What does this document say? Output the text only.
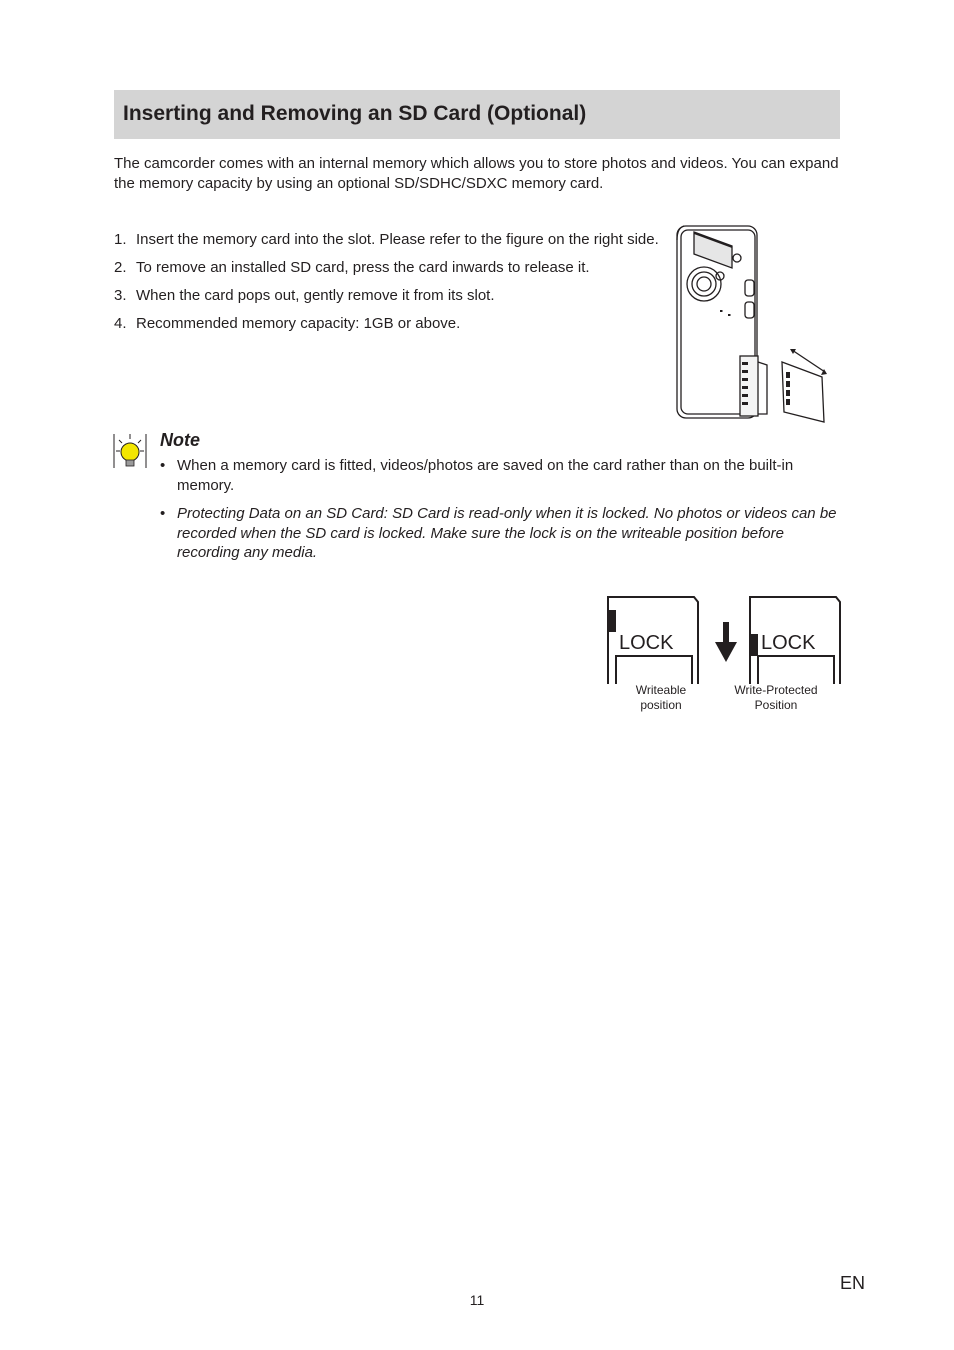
Inserting and Removing an SD Card (Optional)

The camcorder comes with an internal memory which allows you to store photos and videos. You can expand the memory capacity by using an optional SD/SDHC/SDXC memory card.

1. Insert the memory card into the slot. Please refer to the figure on the right side.
2. To remove an installed SD card, press the card inwards to release it.
3. When the card pops out, gently remove it from its slot.
4. Recommended memory capacity: 1GB or above.
Note
• When a memory card is fitted, videos/photos are saved on the card rather than on the built-in memory.
• Protecting Data on an SD Card: SD Card is read-only when it is locked. No photos or videos can be recorded when the SD card is locked. Make sure the lock is on the writeable position before recording any media.
LOCK	LOCK
Writeable
position
Write-Protected
Position
EN
11
